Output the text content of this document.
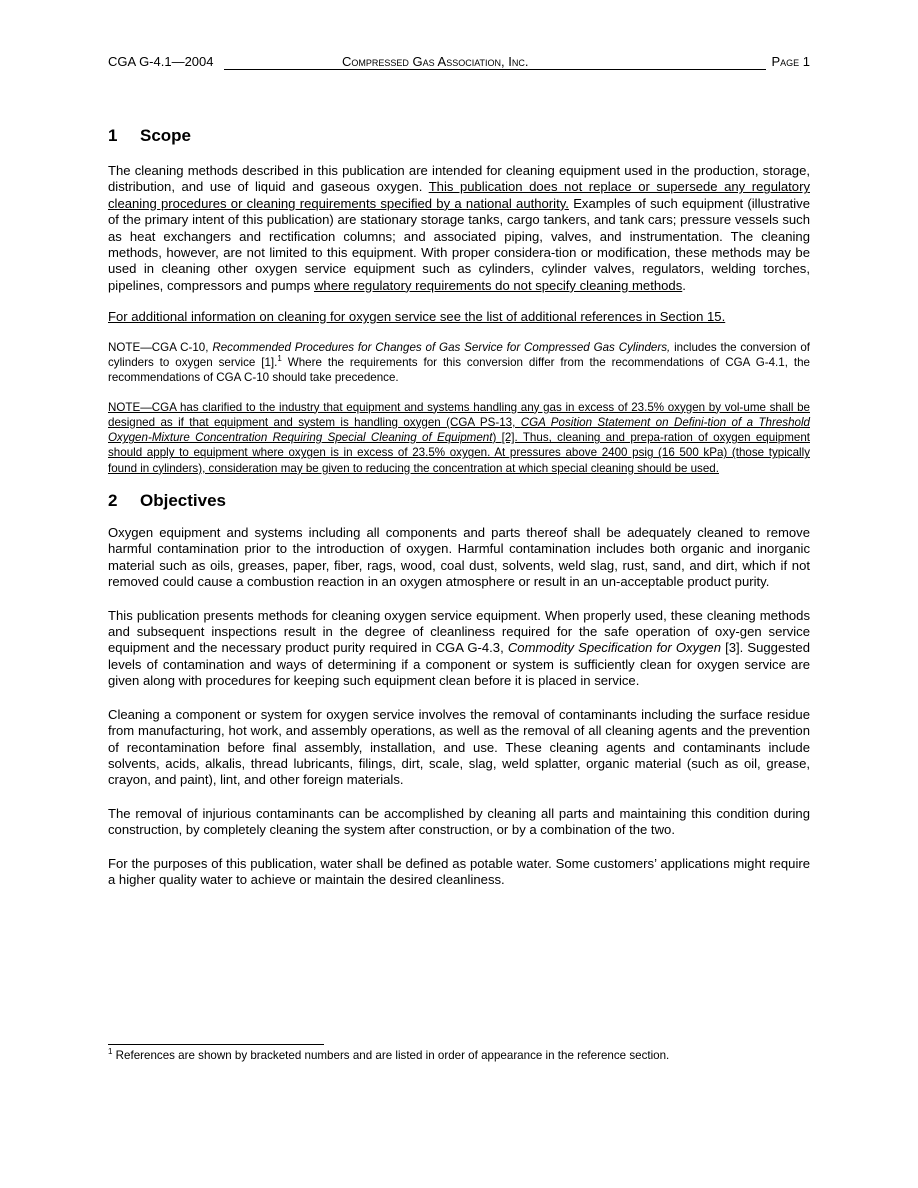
CGA G-4.1—2004	Compressed Gas Association, Inc.	Page 1
1	Scope

The cleaning methods described in this publication are intended for cleaning equipment used in the production, storage, distribution, and use of liquid and gaseous oxygen. This publication does not replace or supersede any regulatory cleaning procedures or cleaning requirements specified by a national authority. Examples of such equipment (illustrative of the primary intent of this publication) are stationary storage tanks, cargo tankers, and tank cars; pressure vessels such as heat exchangers and rectification columns; and associated piping, valves, and instrumentation. The cleaning methods, however, are not limited to this equipment. With proper considera-tion or modification, these methods may be used in cleaning other oxygen service equipment such as cylinders, cylinder valves, regulators, welding torches, pipelines, compressors and pumps where regulatory requirements do not specify cleaning methods.

For additional information on cleaning for oxygen service see the list of additional references in Section 15.

NOTE—CGA C-10, Recommended Procedures for Changes of Gas Service for Compressed Gas Cylinders, includes the conversion of cylinders to oxygen service [1].$^1$ Where the requirements for this conversion differ from the recommendations of CGA G-4.1, the recommendations of CGA C-10 should take precedence.

NOTE—CGA has clarified to the industry that equipment and systems handling any gas in excess of 23.5% oxygen by vol-ume shall be designed as if that equipment and system is handling oxygen (CGA PS-13, CGA Position Statement on Defini-tion of a Threshold Oxygen-Mixture Concentration Requiring Special Cleaning of Equipment) [2]. Thus, cleaning and prepa-ration of oxygen equipment should apply to equipment where oxygen is in excess of 23.5% oxygen. At pressures above 2400 psig (16 500 kPa) (those typically found in cylinders), consideration may be given to reducing the concentration at which special cleaning should be used.

2	Objectives

Oxygen equipment and systems including all components and parts thereof shall be adequately cleaned to remove harmful contamination prior to the introduction of oxygen. Harmful contamination includes both organic and inorganic material such as oils, greases, paper, fiber, rags, wood, coal dust, solvents, weld slag, rust, sand, and dirt, which if not removed could cause a combustion reaction in an oxygen atmosphere or result in an un-acceptable product purity.

This publication presents methods for cleaning oxygen service equipment. When properly used, these cleaning methods and subsequent inspections result in the degree of cleanliness required for the safe operation of oxy-gen service equipment and the necessary product purity required in CGA G-4.3, Commodity Specification for Oxygen [3]. Suggested levels of contamination and ways of determining if a component or system is sufficiently clean for oxygen service are given along with procedures for keeping such equipment clean before it is placed in service.

Cleaning a component or system for oxygen service involves the removal of contaminants including the surface residue from manufacturing, hot work, and assembly operations, as well as the removal of all cleaning agents and the prevention of recontamination before final assembly, installation, and use. These cleaning agents and contaminants include solvents, acids, alkalis, thread lubricants, filings, dirt, scale, slag, weld splatter, organic material (such as oil, grease, crayon, and paint), lint, and other foreign materials.

The removal of injurious contaminants can be accomplished by cleaning all parts and maintaining this condition during construction, by completely cleaning the system after construction, or by a combination of the two.

For the purposes of this publication, water shall be defined as potable water. Some customers’ applications might require a higher quality water to achieve or maintain the desired cleanliness.

$^1$ References are shown by bracketed numbers and are listed in order of appearance in the reference section.
